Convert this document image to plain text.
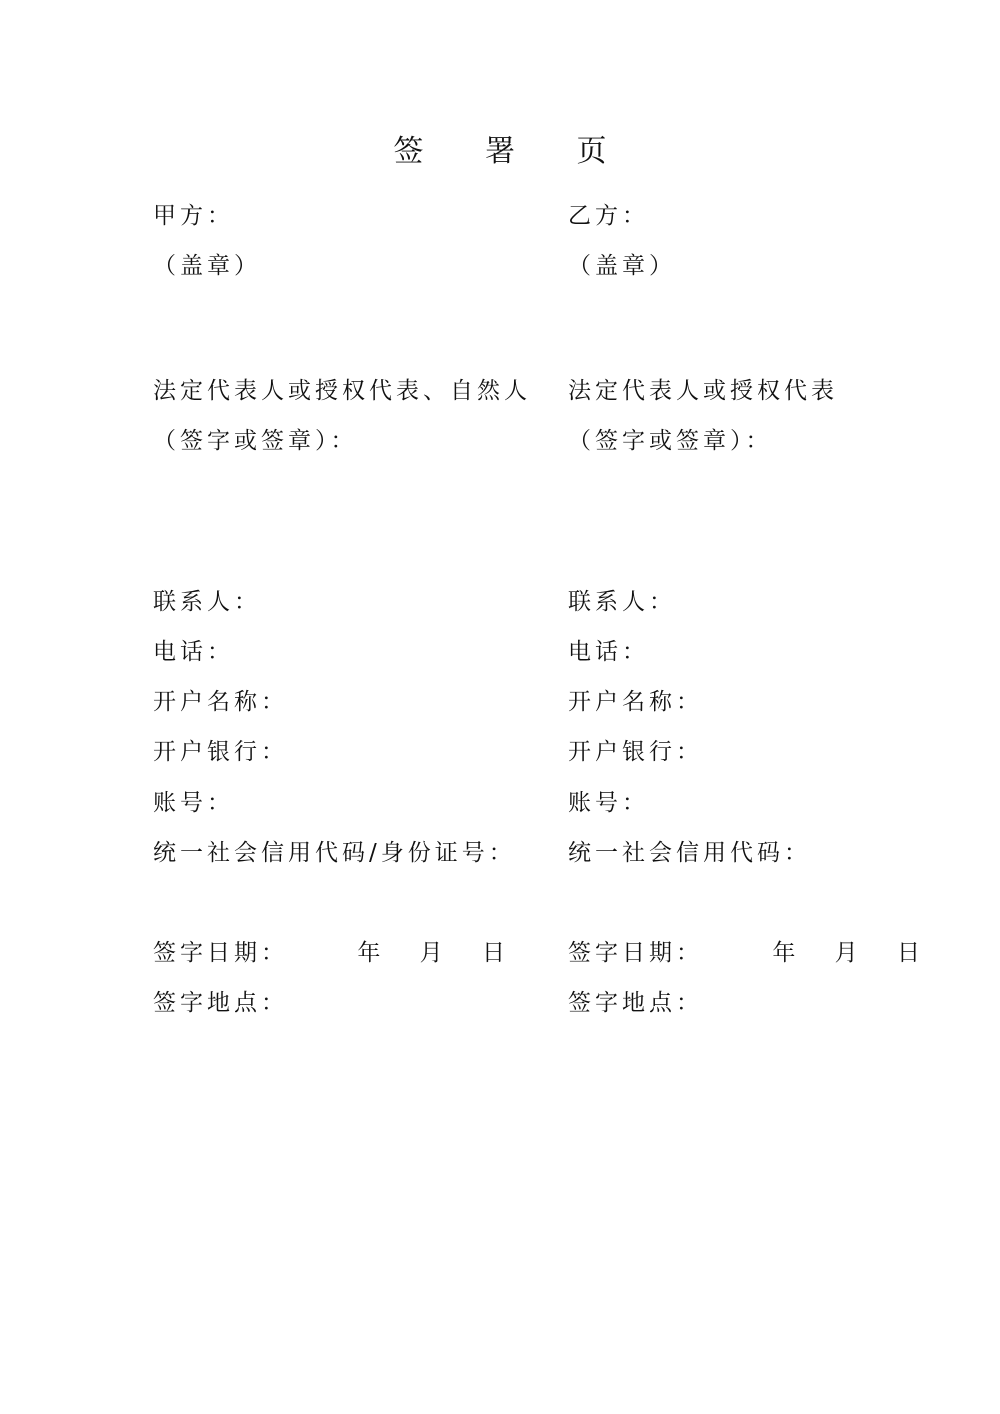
签 署 页
甲方：
（盖章）
法定代表人或授权代表、自然人
（签字或签章）：
联系人：
电话：
开户名称：
开户银行：
账号：
统一社会信用代码/身份证号：
签字日期：	年 月 日
签字地点：
乙方：
（盖章）
法定代表人或授权代表
（签字或签章）：
联系人：
电话：
开户名称：
开户银行：
账号：
统一社会信用代码：
签字日期：	年 月 日
签字地点：
